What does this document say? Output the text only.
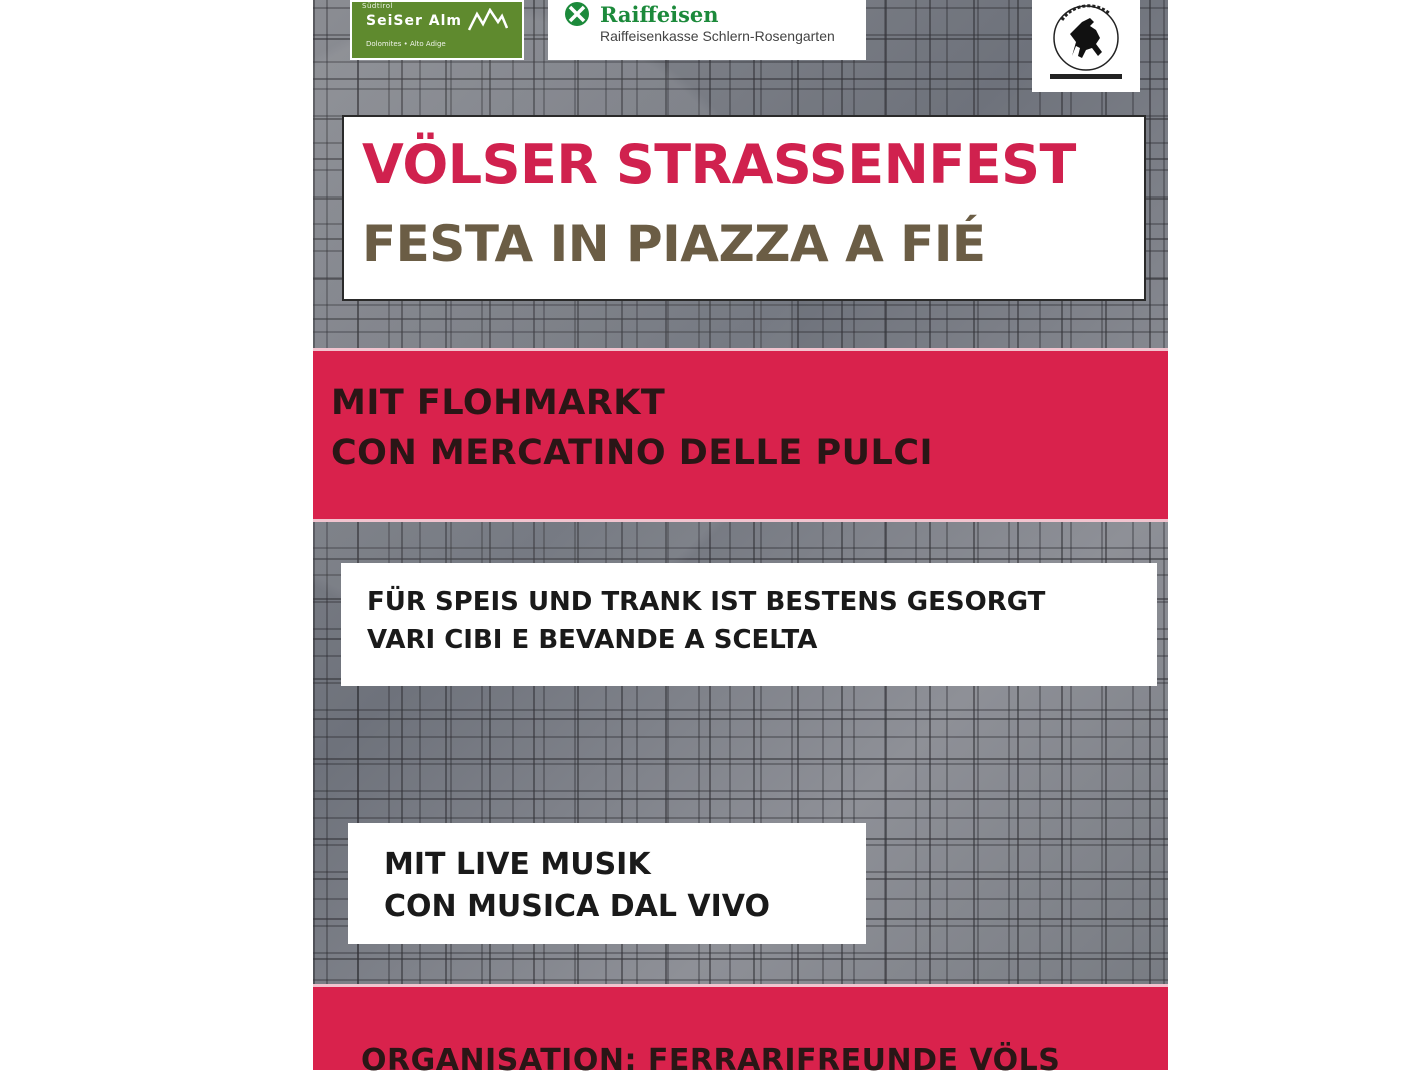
Südtirol
SeiSer Alm
Dolomites • Alto Adige
Raiffeisen
Raiffeisenkasse Schlern-Rosengarten
VÖLSER STRASSENFEST
FESTA IN PIAZZA A FIÉ
MIT FLOHMARKT
CON MERCATINO DELLE PULCI
FÜR SPEIS UND TRANK IST BESTENS GESORGT
VARI CIBI E BEVANDE A SCELTA
MIT LIVE MUSIK
CON MUSICA DAL VIVO
ORGANISATION: FERRARIFREUNDE VÖLS
